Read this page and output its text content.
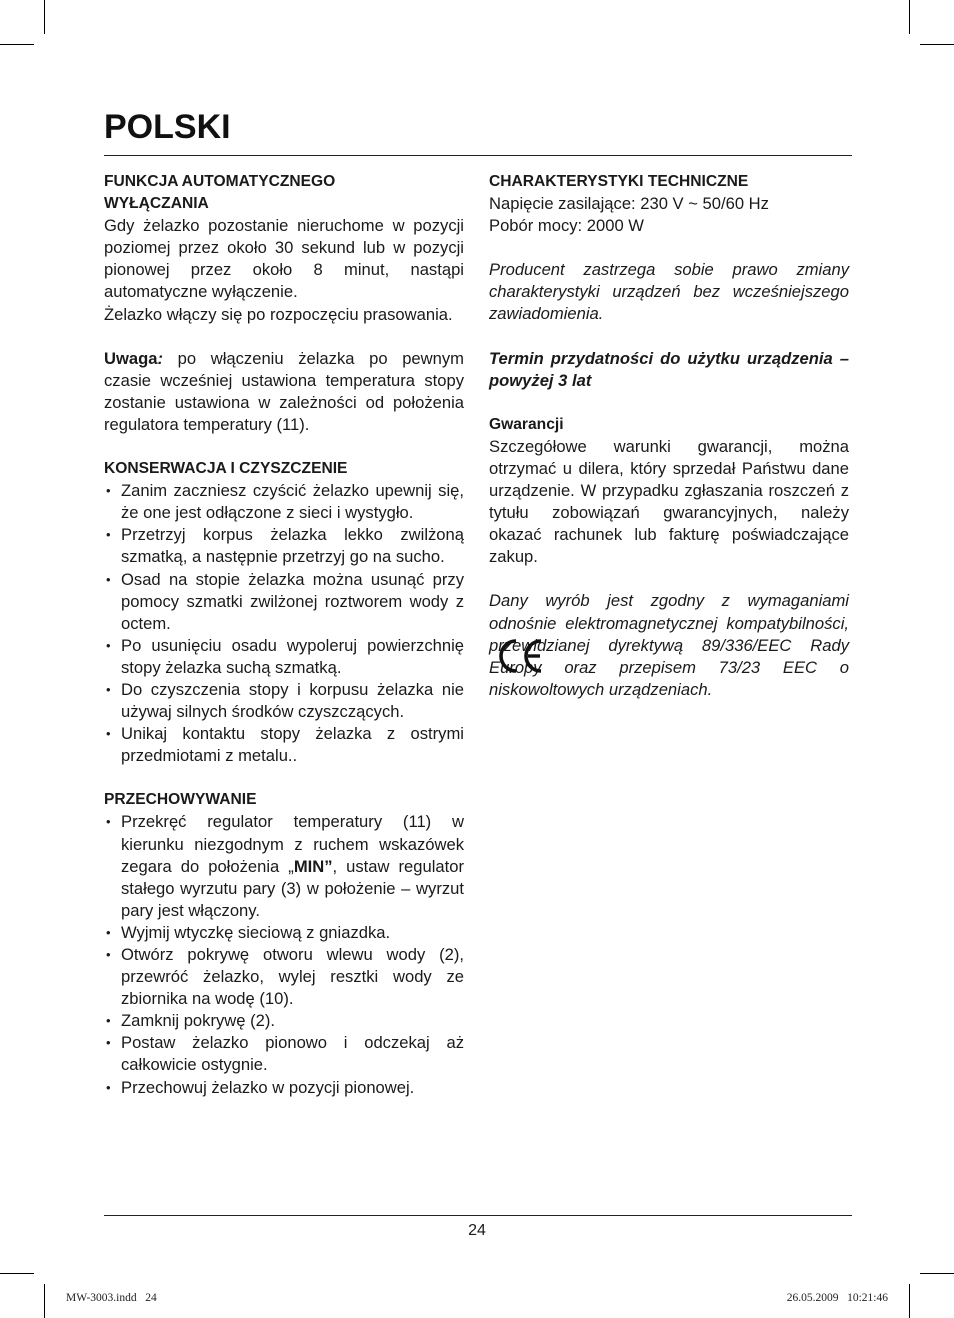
POLSKI
FUNKCJA AUTOMATYCZNEGO
WYŁĄCZANIA

Gdy żelazko pozostanie nieruchome w pozycji poziomej przez około 30 sekund lub w pozycji pionowej przez około 8 minut, nastąpi automatyczne wyłączenie.

Żelazko włączy się po rozpoczęciu prasowania.

Uwaga: po włączeniu żelazka po pewnym czasie wcześniej ustawiona temperatura stopy zostanie ustawiona w zależności od położenia regulatora temperatury (11).

KONSERWACJA I CZYSZCZENIE
• Zanim zaczniesz czyścić żelazko upewnij się, że one jest odłączone z sieci i wystygło.
• Przetrzyj korpus żelazka lekko zwilżoną szmatką, a następnie przetrzyj go na sucho.
• Osad na stopie żelazka można usunąć przy pomocy szmatki zwilżonej roztworem wody z octem.
• Po usunięciu osadu wypoleruj powierzchnię stopy żelazka suchą szmatką.
• Do czyszczenia stopy i korpusu żelazka nie używaj silnych środków czyszczących.
• Unikaj kontaktu stopy żelazka z ostrymi przedmiotami z metalu..
PRZECHOWYWANIE
• Przekręć regulator temperatury (11) w kierunku niezgodnym z ruchem wskazówek zegara do położenia „MIN”, ustaw regulator stałego wyrzutu pary (3) w położenie – wyrzut pary jest włączony.
• Wyjmij wtyczkę sieciową z gniazdka.
• Otwórz pokrywę otworu wlewu wody (2), przewróć żelazko, wylej resztki wody ze zbiornika na wodę (10).
• Zamknij pokrywę (2).
• Postaw żelazko pionowo i odczekaj aż całkowicie ostygnie.
• Przechowuj żelazko w pozycji pionowej.
CHARAKTERYSTYKI TECHNICZNE

Napięcie zasilające: 230 V ~ 50/60 Hz

Pobór mocy: 2000 W

Producent zastrzega sobie prawo zmiany charakterystyki urządzeń bez wcześniejszego zawiadomienia.

Termin przydatności do użytku urządzenia – powyżej 3 lat

Gwarancji

Szczegółowe warunki gwarancji, można otrzymać u dilera, który sprzedał Państwu dane urządzenie. W przypadku zgłaszania roszczeń z tytułu zobowiązań gwarancyjnych, należy okazać rachunek lub fakturę poświadczające zakup.

Dany wyrób jest zgodny z wymaganiami odnośnie elektromagnetycznej kompatybilności, przewidzianej dyrektywą 89/336/EEC Rady Europy oraz przepisem 73/23 EEC o niskowoltowych urządzeniach.

24
MW-3003.indd   24	26.05.2009   10:21:46
